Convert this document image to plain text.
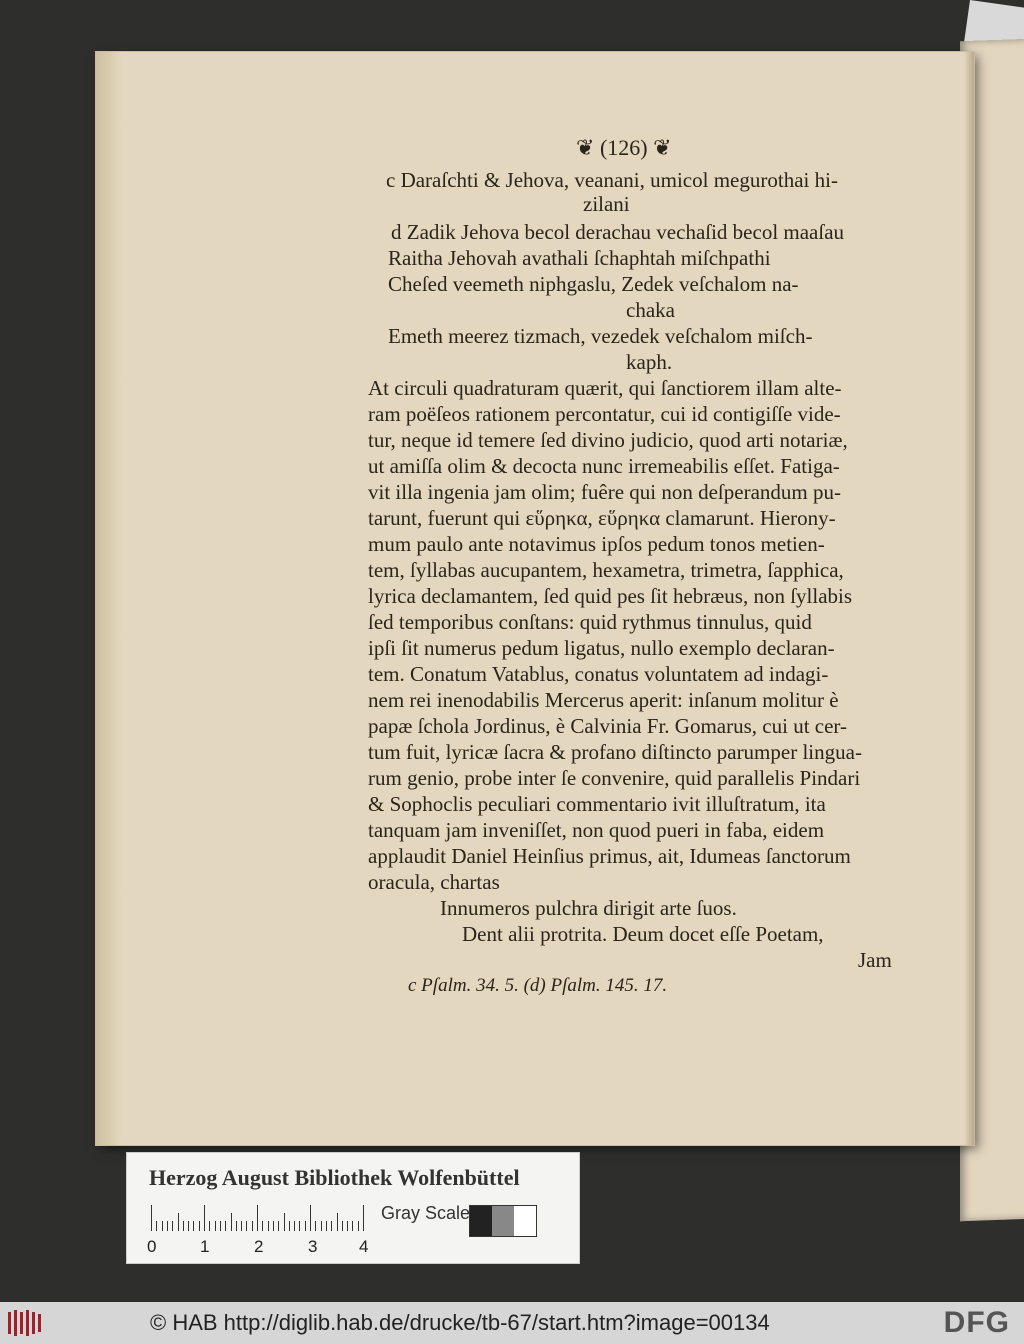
❦ (126) ❦
c Daraſchti & Jehova, veanani, umicol megurothai hi-
zilani
d Zadik Jehova becol derachau vechaſid becol maaſau
Raitha Jehovah avathali ſchaphtah miſchpathi
Cheſed veemeth niphgaslu, Zedek veſchalom na-
chaka
Emeth meerez tizmach, vezedek veſchalom miſch-
kaph.
At circuli quadraturam quærit, qui ſanctiorem illam alte-
ram poëſeos rationem percontatur, cui id contigiſſe vide-
tur, neque id temere ſed divino judicio, quod arti notariæ,
ut amiſſa olim & decocta nunc irremeabilis eſſet. Fatiga-
vit illa ingenia jam olim; fuêre qui non deſperandum pu-
tarunt, fuerunt qui εὕρηκα, εὕρηκα clamarunt. Hierony-
mum paulo ante notavimus ipſos pedum tonos metien-
tem, ſyllabas aucupantem, hexametra, trimetra, ſapphica,
lyrica declamantem, ſed quid pes ſit hebræus, non ſyllabis
ſed temporibus conſtans: quid rythmus tinnulus, quid
ipſi ſit numerus pedum ligatus, nullo exemplo declaran-
tem. Conatum Vatablus, conatus voluntatem ad indagi-
nem rei inenodabilis Mercerus aperit: inſanum molitur è
papæ ſchola Jordinus, è Calvinia Fr. Gomarus, cui ut cer-
tum fuit, lyricæ ſacra & profano diſtincto parumper lingua-
rum genio, probe inter ſe convenire, quid parallelis Pindari
& Sophoclis peculiari commentario ivit illuſtratum, ita
tanquam jam inveniſſet, non quod pueri in faba, eidem
applaudit Daniel Heinſius primus, ait, Idumeas ſanctorum
oracula, chartas
Innumeros pulchra dirigit arte ſuos.
Dent alii protrita. Deum docet eſſe Poetam,
Jam
c Pſalm. 34. 5. (d) Pſalm. 145. 17.
Herzog August Bibliothek Wolfenbüttel
0	1	2	3 4
Gray Scale
© HAB http://diglib.hab.de/drucke/tb-67/start.htm?image=00134	DFG
